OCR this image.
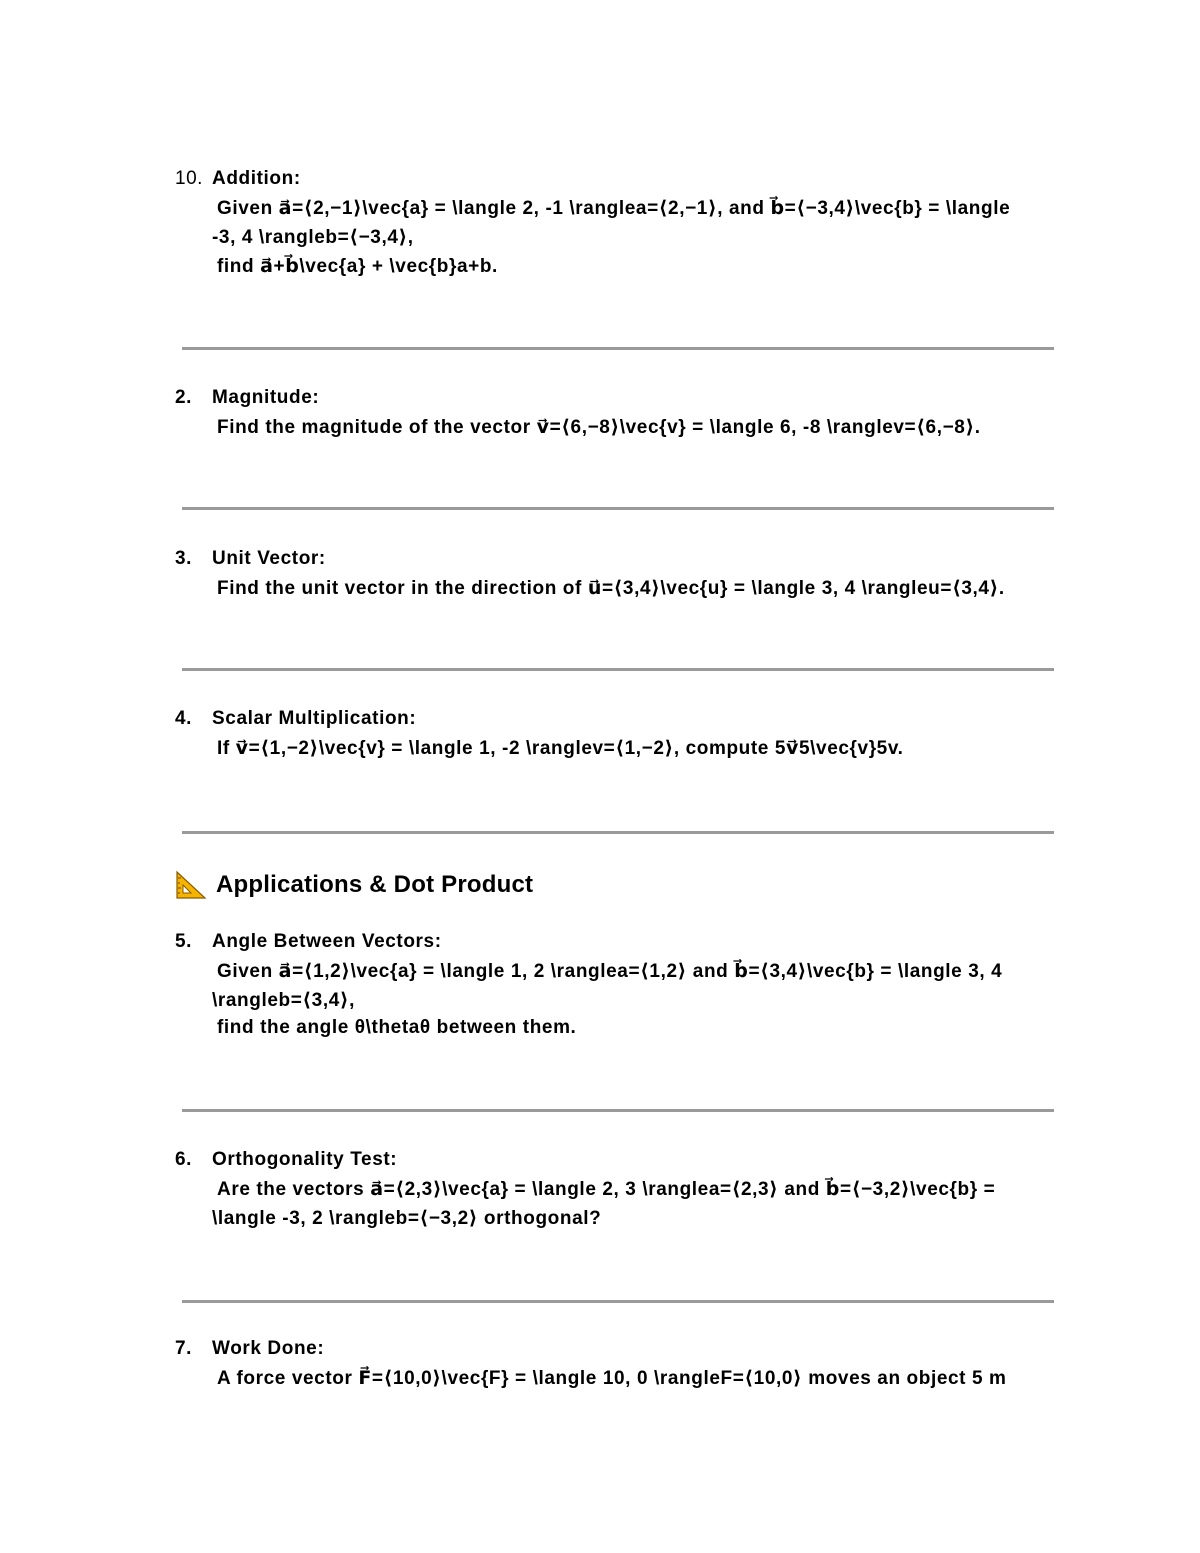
10. Addition:
Given a⃗=⟨2,−1⟩\vec{a} = \langle 2, -1 \ranglea=⟨2,−1⟩, and b⃗=⟨−3,4⟩\vec{b} = \langle
-3, 4 \rangleb=⟨−3,4⟩,
find a⃗+b⃗\vec{a} + \vec{b}a+b.
2. Magnitude:
Find the magnitude of the vector v⃗=⟨6,−8⟩\vec{v} = \langle 6, -8 \ranglev=⟨6,−8⟩.
3. Unit Vector:
Find the unit vector in the direction of u⃗=⟨3,4⟩\vec{u} = \langle 3, 4 \rangleu=⟨3,4⟩.
4. Scalar Multiplication:
If v⃗=⟨1,−2⟩\vec{v} = \langle 1, -2 \ranglev=⟨1,−2⟩, compute 5v⃗5\vec{v}5v.
Applications & Dot Product
5. Angle Between Vectors:
Given a⃗=⟨1,2⟩\vec{a} = \langle 1, 2 \ranglea=⟨1,2⟩ and b⃗=⟨3,4⟩\vec{b} = \langle 3, 4
\rangleb=⟨3,4⟩,
find the angle θ\thetaθ between them.
6. Orthogonality Test:
Are the vectors a⃗=⟨2,3⟩\vec{a} = \langle 2, 3 \ranglea=⟨2,3⟩ and b⃗=⟨−3,2⟩\vec{b} =
\langle -3, 2 \rangleb=⟨−3,2⟩ orthogonal?
7. Work Done:
A force vector F⃗=⟨10,0⟩\vec{F} = \langle 10, 0 \rangleF=⟨10,0⟩ moves an object 5 m
